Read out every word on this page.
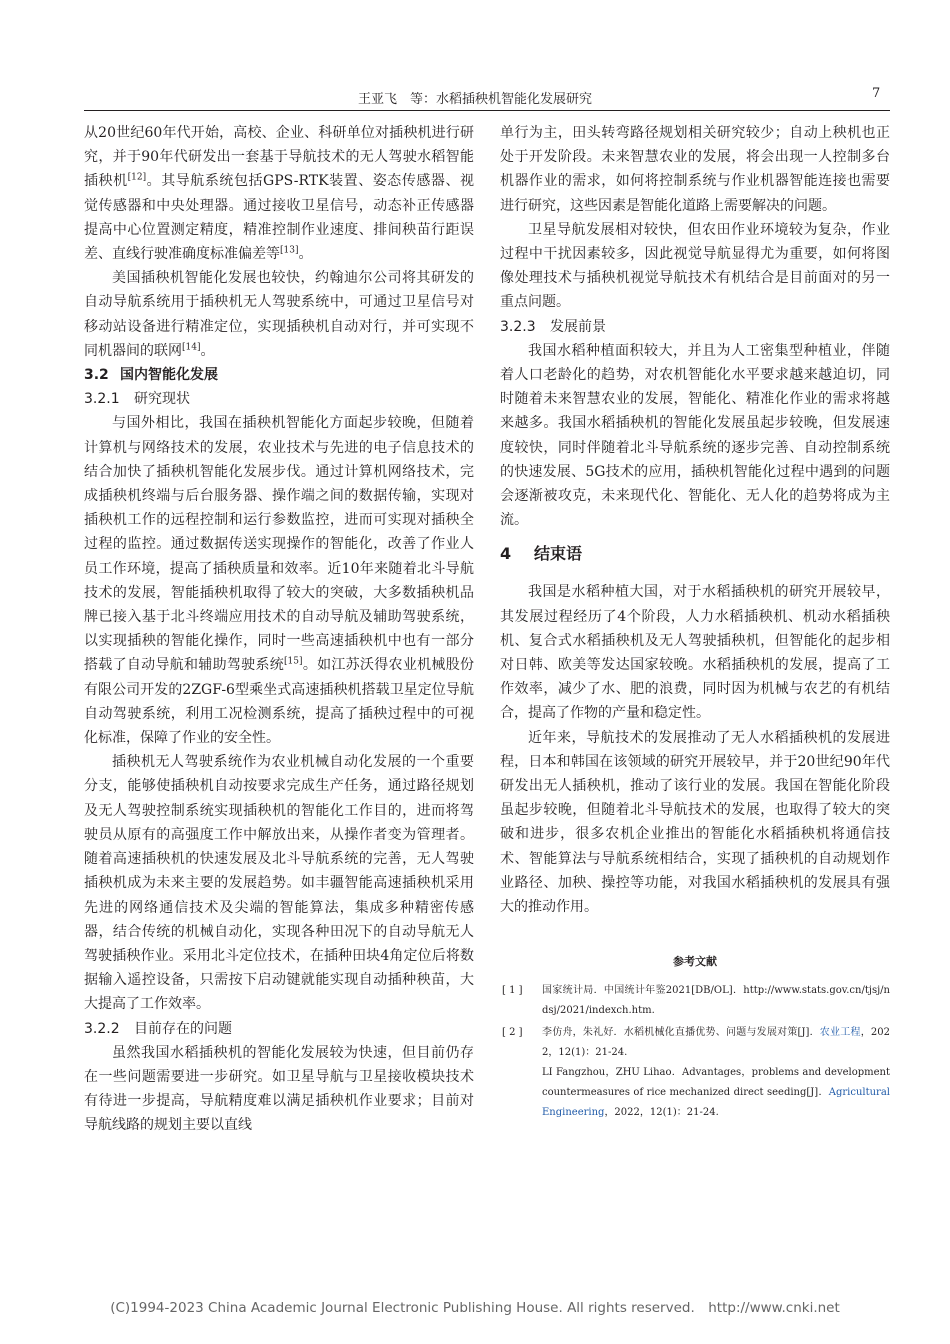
王亚飞　等：水稻插秧机智能化发展研究	7

从20世纪60年代开始，高校、企业、科研单位对插秧机进行研究，并于90年代研发出一套基于导航技术的无人驾驶水稻智能插秧机[12]。其导航系统包括GPS-RTK装置、姿态传感器、视觉传感器和中央处理器。通过接收卫星信号，动态补正传感器提高中心位置测定精度，精准控制作业速度、排间秧苗行距误差、直线行驶准确度标准偏差等[13]。

美国插秧机智能化发展也较快，约翰迪尔公司将其研发的自动导航系统用于插秧机无人驾驶系统中，可通过卫星信号对移动站设备进行精准定位，实现插秧机自动对行，并可实现不同机器间的联网[14]。

3.2 国内智能化发展
3.2.1 研究现状

与国外相比，我国在插秧机智能化方面起步较晚，但随着计算机与网络技术的发展，农业技术与先进的电子信息技术的结合加快了插秧机智能化发展步伐。通过计算机网络技术，完成插秧机终端与后台服务器、操作端之间的数据传输，实现对插秧机工作的远程控制和运行参数监控，进而可实现对插秧全过程的监控。通过数据传送实现操作的智能化，改善了作业人员工作环境，提高了插秧质量和效率。近10年来随着北斗导航技术的发展，智能插秧机取得了较大的突破，大多数插秧机品牌已接入基于北斗终端应用技术的自动导航及辅助驾驶系统，以实现插秧的智能化操作，同时一些高速插秧机中也有一部分搭载了自动导航和辅助驾驶系统[15]。如江苏沃得农业机械股份有限公司开发的2ZGF-6型乘坐式高速插秧机搭载卫星定位导航自动驾驶系统，利用工况检测系统，提高了插秧过程中的可视化标准，保障了作业的安全性。

插秧机无人驾驶系统作为农业机械自动化发展的一个重要分支，能够使插秧机自动按要求完成生产任务，通过路径规划及无人驾驶控制系统实现插秧机的智能化工作目的，进而将驾驶员从原有的高强度工作中解放出来，从操作者变为管理者。随着高速插秧机的快速发展及北斗导航系统的完善，无人驾驶插秧机成为未来主要的发展趋势。如丰疆智能高速插秧机采用先进的网络通信技术及尖端的智能算法，集成多种精密传感器，结合传统的机械自动化，实现各种田况下的自动导航无人驾驶插秧作业。采用北斗定位技术，在插种田块4角定位后将数据输入遥控设备，只需按下启动键就能实现自动插种秧苗，大大提高了工作效率。

3.2.2 目前存在的问题

虽然我国水稻插秧机的智能化发展较为快速，但目前仍存在一些问题需要进一步研究。如卫星导航与卫星接收模块技术有待进一步提高，导航精度难以满足插秧机作业要求；目前对导航线路的规划主要以直线

单行为主，田头转弯路径规划相关研究较少；自动上秧机也正处于开发阶段。未来智慧农业的发展，将会出现一人控制多台机器作业的需求，如何将控制系统与作业机器智能连接也需要进行研究，这些因素是智能化道路上需要解决的问题。

卫星导航发展相对较快，但农田作业环境较为复杂，作业过程中干扰因素较多，因此视觉导航显得尤为重要，如何将图像处理技术与插秧机视觉导航技术有机结合是目前面对的另一重点问题。

3.2.3 发展前景

我国水稻种植面积较大，并且为人工密集型种植业，伴随着人口老龄化的趋势，对农机智能化水平要求越来越迫切，同时随着未来智慧农业的发展，智能化、精准化作业的需求将越来越多。我国水稻插秧机的智能化发展虽起步较晚，但发展速度较快，同时伴随着北斗导航系统的逐步完善、自动控制系统的快速发展、5G技术的应用，插秧机智能化过程中遇到的问题会逐渐被攻克，未来现代化、智能化、无人化的趋势将成为主流。

4 结束语

我国是水稻种植大国，对于水稻插秧机的研究开展较早，其发展过程经历了4个阶段，人力水稻插秧机、机动水稻插秧机、复合式水稻插秧机及无人驾驶插秧机，但智能化的起步相对日韩、欧美等发达国家较晚。水稻插秧机的发展，提高了工作效率，减少了水、肥的浪费，同时因为机械与农艺的有机结合，提高了作物的产量和稳定性。

近年来，导航技术的发展推动了无人水稻插秧机的发展进程，日本和韩国在该领域的研究开展较早，并于20世纪90年代研发出无人插秧机，推动了该行业的发展。我国在智能化阶段虽起步较晚，但随着北斗导航技术的发展，也取得了较大的突破和进步，很多农机企业推出的智能化水稻插秧机将通信技术、智能算法与导航系统相结合，实现了插秧机的自动规划作业路径、加秧、操控等功能，对我国水稻插秧机的发展具有强大的推动作用。

参考文献
[ 1 ] 国家统计局．中国统计年鉴2021[DB/OL]．http://www.stats.gov.cn/tjsj/ndsj/2021/indexch.htm.
[ 2 ] 李仿舟，朱礼好．水稻机械化直播优势、问题与发展对策[J]．农业工程，2022，12(1)：21-24.
LI Fangzhou，ZHU Lihao．Advantages，problems and development countermeasures of rice mechanized direct seeding[J]．Agricultural Engineering，2022，12(1)：21-24.
(C)1994-2023 China Academic Journal Electronic Publishing House. All rights reserved.　http://www.cnki.net
